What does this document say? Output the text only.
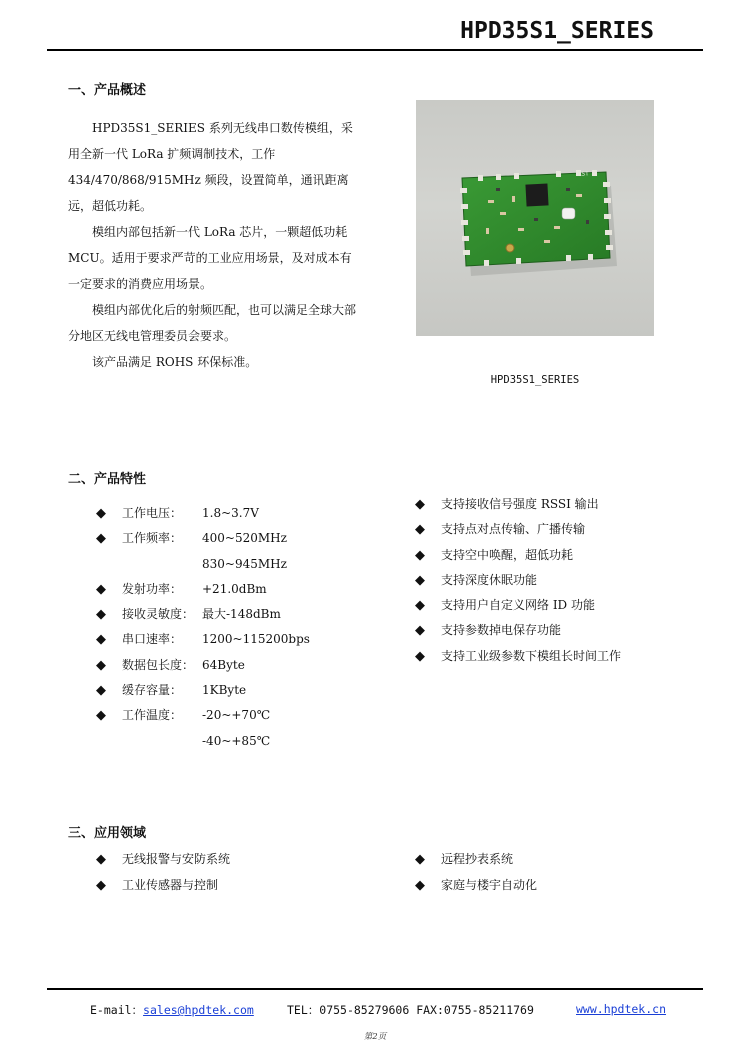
HPD35S1_SERIES
一、产品概述

HPD35S1_SERIES 系列无线串口数传模组，采用全新一代 LoRa 扩频调制技术，工作434/470/868/915MHz 频段，设置简单，通讯距离远，超低功耗。

模组内部包括新一代 LoRa 芯片，一颗超低功耗 MCU。适用于要求严苛的工业应用场景，及对成本有一定要求的消费应用场景。

模组内部优化后的射频匹配，也可以满足全球大部分地区无线电管理委员会要求。

该产品满足 ROHS 环保标准。

RST
HPD35S1_SERIES
二、产品特性
◆ 工作电压： 1.8~3.7V
◆ 工作频率： 400~520MHz
830~945MHz
◆ 发射功率： +21.0dBm
◆ 接收灵敏度： 最大-148dBm
◆ 串口速率： 1200~115200bps
◆ 数据包长度： 64Byte
◆ 缓存容量： 1KByte
◆ 工作温度： -20~+70℃
-40~+85℃
◆ 支持接收信号强度 RSSI 输出
◆ 支持点对点传输、广播传输
◆ 支持空中唤醒，超低功耗
◆ 支持深度休眠功能
◆ 支持用户自定义网络 ID 功能
◆ 支持参数掉电保存功能
◆ 支持工业级参数下模组长时间工作
三、应用领域
◆ 无线报警与安防系统
◆ 工业传感器与控制
◆ 远程抄表系统
◆ 家庭与楼宇自动化
E-mail：sales@hpdtek.com	TEL：0755-85279606 FAX:0755-85211769	www.hpdtek.cn
第2页
